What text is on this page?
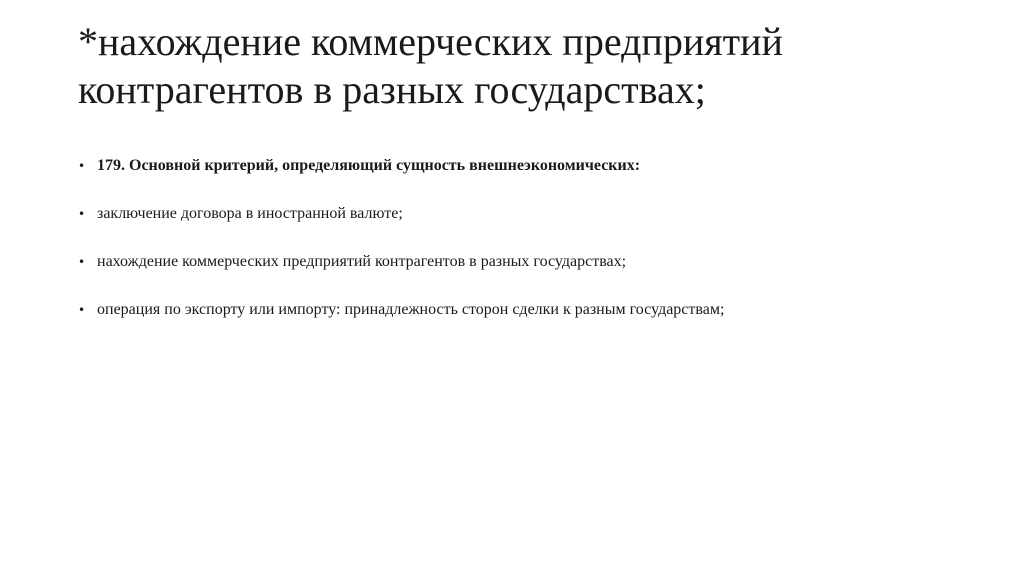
*нахождение коммерческих предприятий контрагентов в разных государствах;
• 179. Основной критерий, определяющий сущность внешнеэкономических:
• заключение договора в иностранной валюте;
• нахождение коммерческих предприятий контрагентов в разных государствах;
• операция по экспорту или импорту: принадлежность сторон сделки к разным государствам;
